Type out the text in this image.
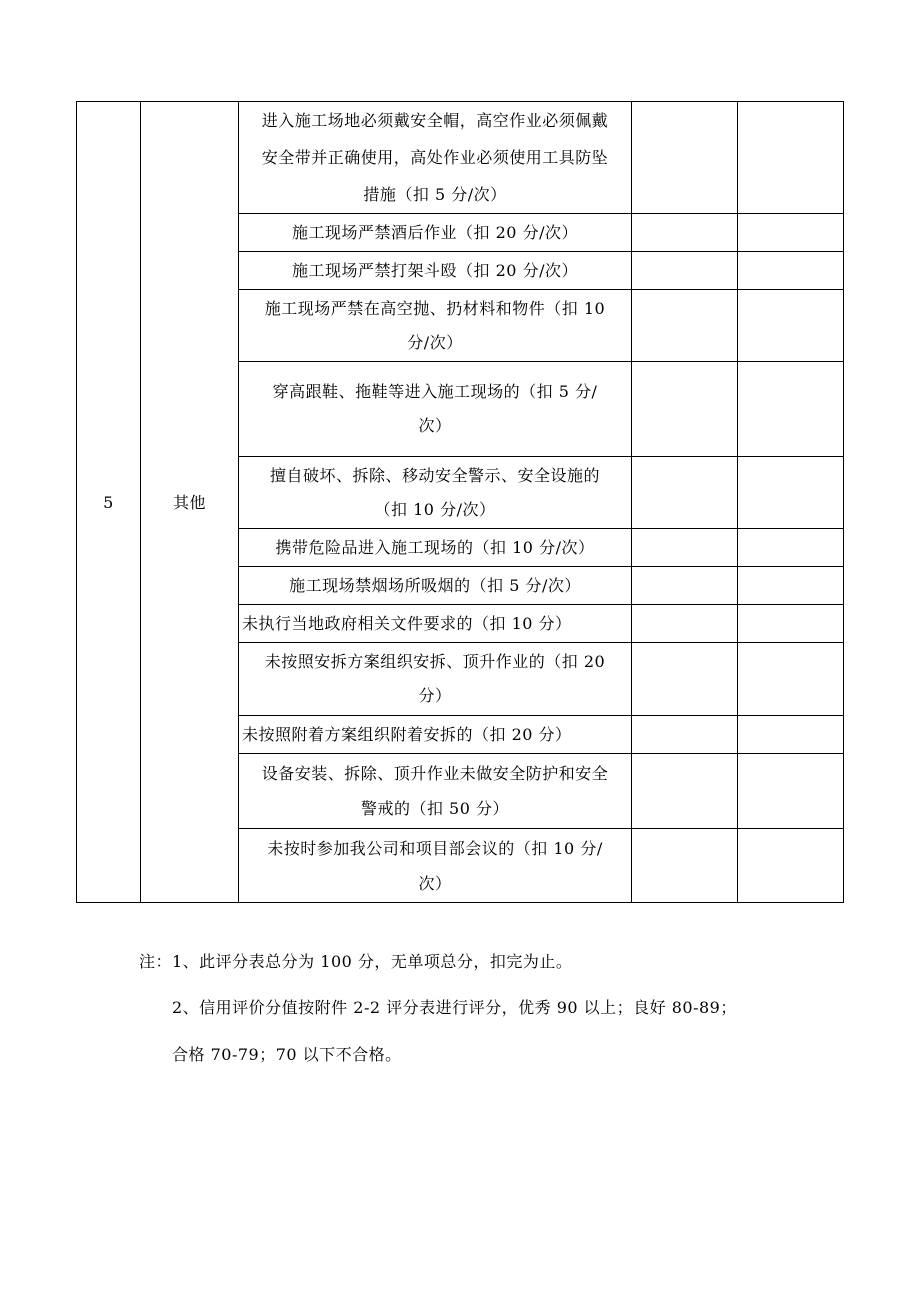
5	其他	进入施工场地必须戴安全帽，高空作业必须佩戴
安全带并正确使用，高处作业必须使用工具防坠
措施（扣 5 分/次）		

		施工现场严禁酒后作业（扣 20 分/次）		

		施工现场严禁打架斗殴（扣 20 分/次）		

		施工现场严禁在高空抛、扔材料和物件（扣 10
分/次）		

		穿高跟鞋、拖鞋等进入施工现场的（扣 5 分/
次）		

		擅自破坏、拆除、移动安全警示、安全设施的
（扣 10 分/次）		

		携带危险品进入施工现场的（扣 10 分/次）		

		施工现场禁烟场所吸烟的（扣 5 分/次）		

		未执行当地政府相关文件要求的（扣 10 分）		

		未按照安拆方案组织安拆、顶升作业的（扣 20
分）		

		未按照附着方案组织附着安拆的（扣 20 分）		

		设备安装、拆除、顶升作业未做安全防护和安全
警戒的（扣 50 分）		

		未按时参加我公司和项目部会议的（扣 10 分/
次）		

注：1、此评分表总分为 100 分，无单项总分，扣完为止。
2、信用评价分值按附件 2-2 评分表进行评分，优秀 90 以上；良好 80-89；
合格 70-79；70 以下不合格。
